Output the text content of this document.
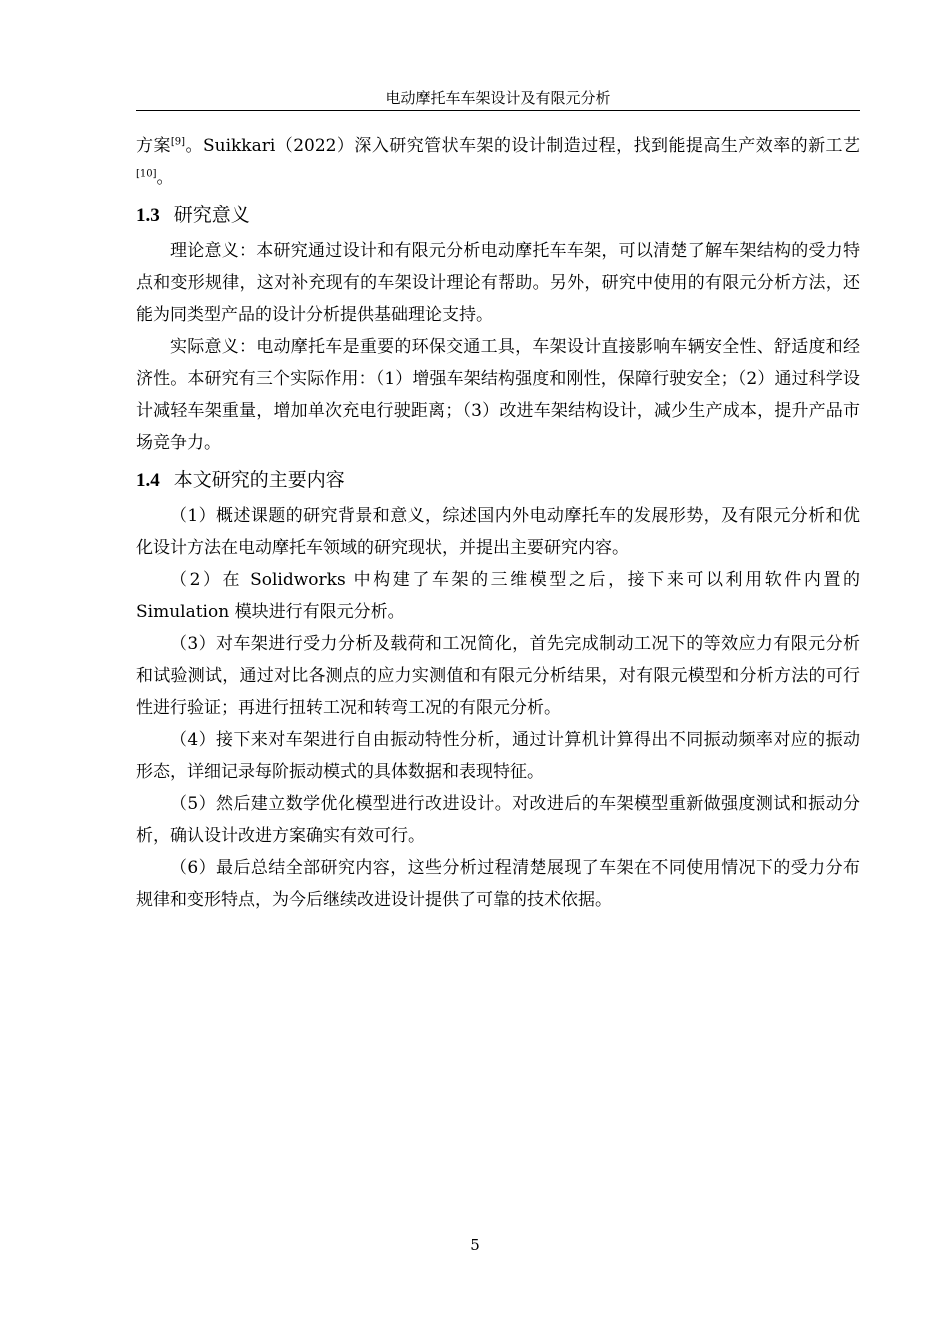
电动摩托车车架设计及有限元分析

方案[9]。Suikkari（2022）深入研究管状车架的设计制造过程，找到能提高生产效率的新工艺[10]。

1.3 研究意义

理论意义：本研究通过设计和有限元分析电动摩托车车架，可以清楚了解车架结构的受力特点和变形规律，这对补充现有的车架设计理论有帮助。另外，研究中使用的有限元分析方法，还能为同类型产品的设计分析提供基础理论支持。

实际意义：电动摩托车是重要的环保交通工具，车架设计直接影响车辆安全性、舒适度和经济性。本研究有三个实际作用：（1）增强车架结构强度和刚性，保障行驶安全；（2）通过科学设计减轻车架重量，增加单次充电行驶距离；（3）改进车架结构设计，减少生产成本，提升产品市场竞争力。

1.4 本文研究的主要内容

（1）概述课题的研究背景和意义，综述国内外电动摩托车的发展形势，及有限元分析和优化设计方法在电动摩托车领域的研究现状，并提出主要研究内容。

（2）在 Solidworks 中构建了车架的三维模型之后，接下来可以利用软件内置的 Simulation 模块进行有限元分析。

（3）对车架进行受力分析及载荷和工况简化，首先完成制动工况下的等效应力有限元分析和试验测试，通过对比各测点的应力实测值和有限元分析结果，对有限元模型和分析方法的可行性进行验证；再进行扭转工况和转弯工况的有限元分析。

（4）接下来对车架进行自由振动特性分析，通过计算机计算得出不同振动频率对应的振动形态，详细记录每阶振动模式的具体数据和表现特征。

（5）然后建立数学优化模型进行改进设计。对改进后的车架模型重新做强度测试和振动分析，确认设计改进方案确实有效可行。

（6）最后总结全部研究内容，这些分析过程清楚展现了车架在不同使用情况下的受力分布规律和变形特点，为今后继续改进设计提供了可靠的技术依据。

5
